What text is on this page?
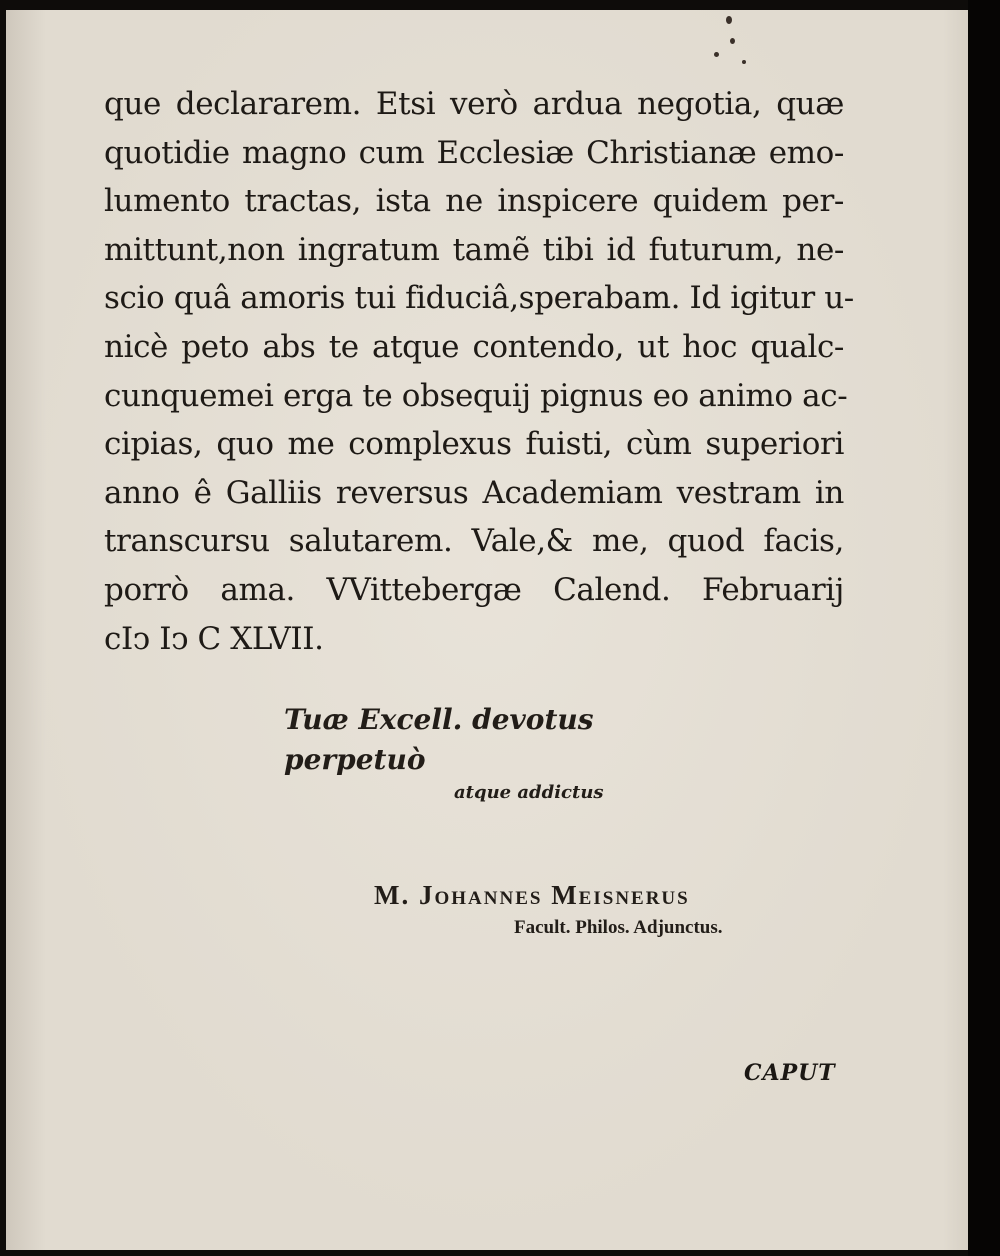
que declararem. Etsi verò ardua negotia, quæ
quotidie magno cum Ecclesiæ Christianæ emo-
lumento tractas, ista ne inspicere quidem per-
mittunt,non ingratum tamẽ tibi id futurum, ne-
scio quâ amoris tui fiduciâ,sperabam. Id igitur u-
nicè peto abs te atque contendo, ut hoc qualc-
cunquemei erga te obsequij pignus eo animo ac-
cipias, quo me complexus fuisti, cùm superiori
anno ê Galliis reversus Academiam vestram in
transcursu salutarem. Vale,& me, quod facis,
porrò ama. VVittebergæ Calend. Februarij
cIↄ Iↄ C XLVII.
Tuæ Excell. devotus perpetuò
atque addictus
M. Johannes Meisnerus
Facult. Philos. Adjunctus.
CAPUT
